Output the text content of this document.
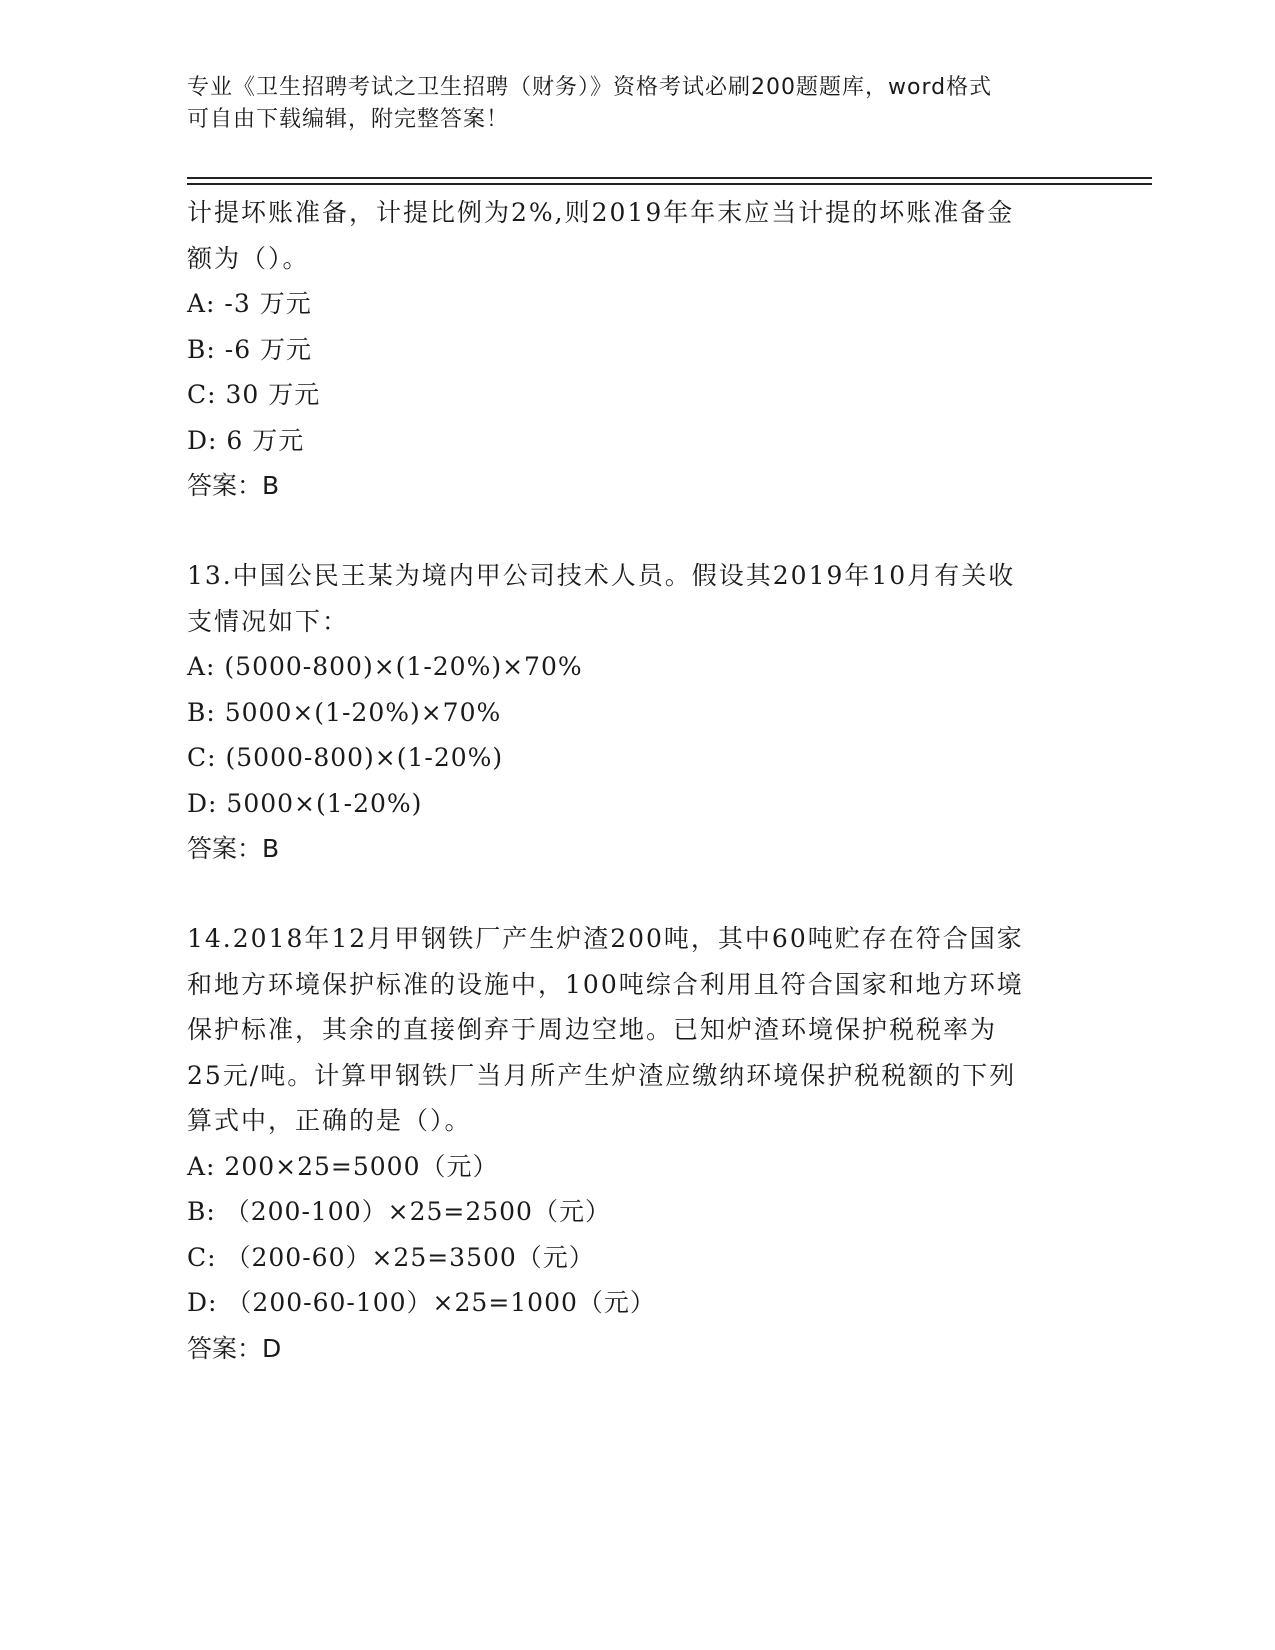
专业《卫生招聘考试之卫生招聘（财务）》资格考试必刷200题题库，word格式
可自由下载编辑，附完整答案！

计提坏账准备，计提比例为2%,则2019年年末应当计提的坏账准备金

额为（）。

A: -3 万元

B: -6 万元

C: 30 万元

D: 6 万元

答案：B

13.中国公民王某为境内甲公司技术人员。假设其2019年10月有关收

支情况如下：

A: (5000-800)×(1-20%)×70%

B: 5000×(1-20%)×70%

C: (5000-800)×(1-20%)

D: 5000×(1-20%)

答案：B

14.2018年12月甲钢铁厂产生炉渣200吨，其中60吨贮存在符合国家

和地方环境保护标准的设施中，100吨综合利用且符合国家和地方环境

保护标准，其余的直接倒弃于周边空地。已知炉渣环境保护税税率为

25元/吨。计算甲钢铁厂当月所产生炉渣应缴纳环境保护税税额的下列

算式中，正确的是（）。

A: 200×25=5000（元）

B: （200-100）×25=2500（元）

C: （200-60）×25=3500（元）

D: （200-60-100）×25=1000（元）

答案：D
